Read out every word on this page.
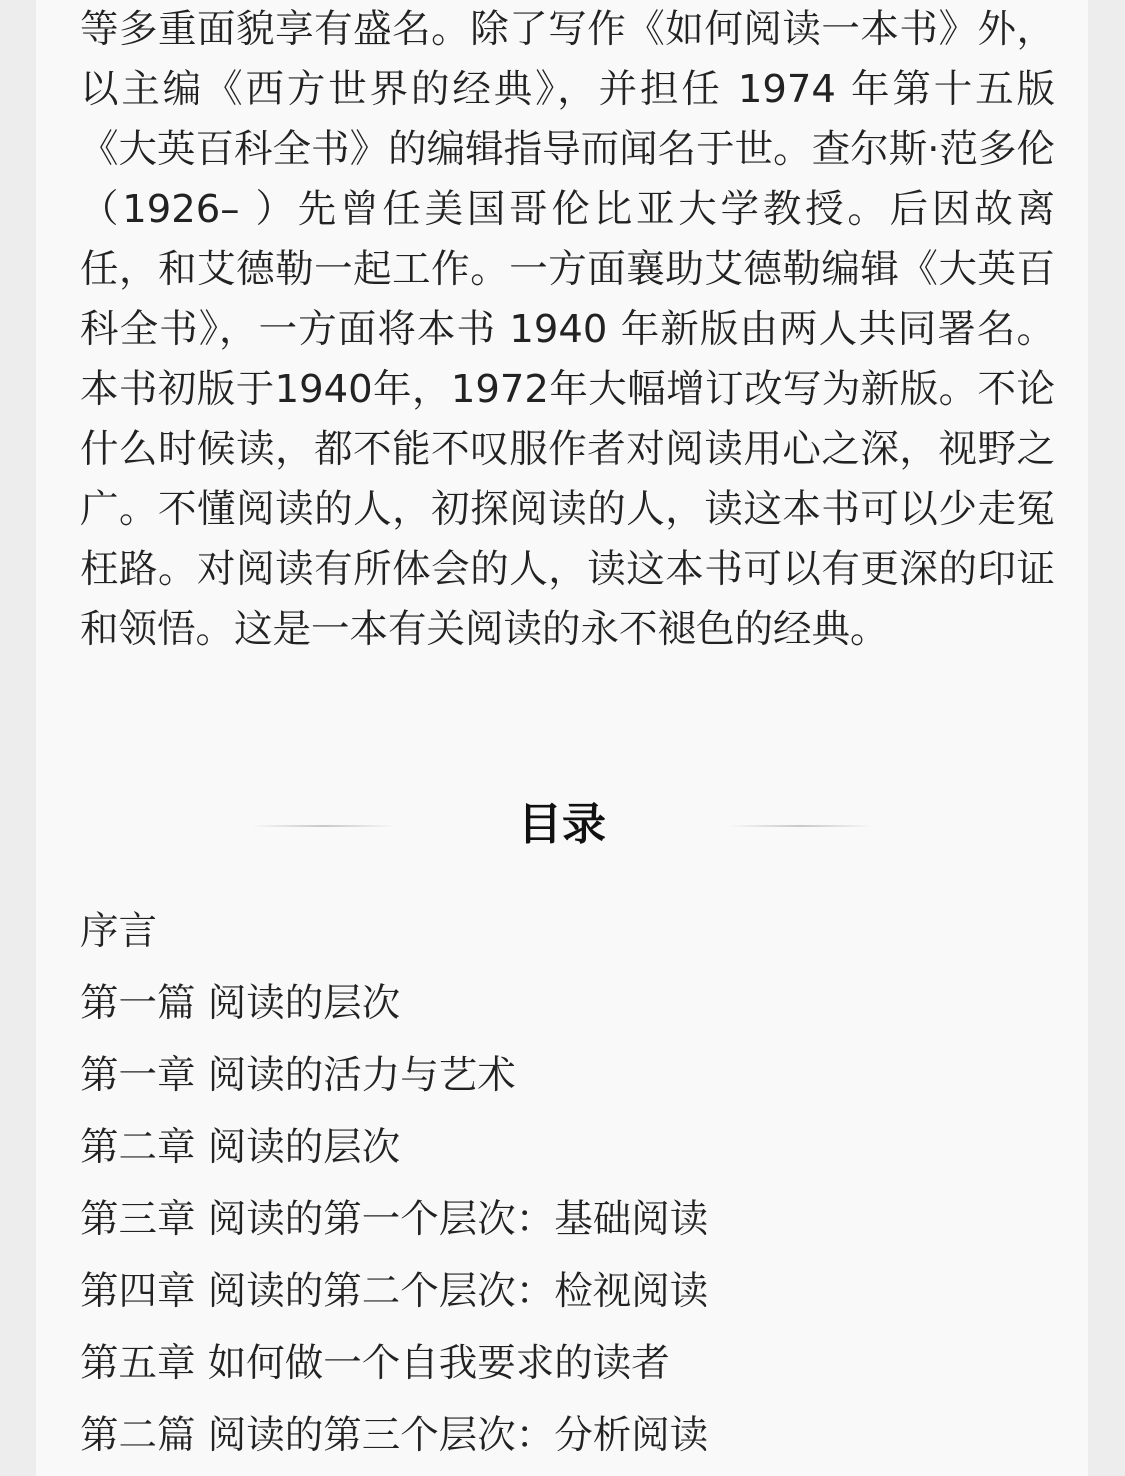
等多重面貌享有盛名。除了写作《如何阅读一本书》外，以主编《西方世界的经典》，并担任 1974 年第十五版《大英百科全书》的编辑指导而闻名于世。查尔斯·范多伦（1926– ）先曾任美国哥伦比亚大学教授。后因故离任，和艾德勒一起工作。一方面襄助艾德勒编辑《大英百科全书》，一方面将本书 1940 年新版由两人共同署名。本书初版于1940年，1972年大幅增订改写为新版。不论什么时候读，都不能不叹服作者对阅读用心之深，视野之广。不懂阅读的人，初探阅读的人，读这本书可以少走冤枉路。对阅读有所体会的人，读这本书可以有更深的印证和领悟。这是一本有关阅读的永不褪色的经典。

目录
序言
第一篇 阅读的层次
第一章 阅读的活力与艺术
第二章 阅读的层次
第三章 阅读的第一个层次：基础阅读
第四章 阅读的第二个层次：检视阅读
第五章 如何做一个自我要求的读者
第二篇 阅读的第三个层次：分析阅读
